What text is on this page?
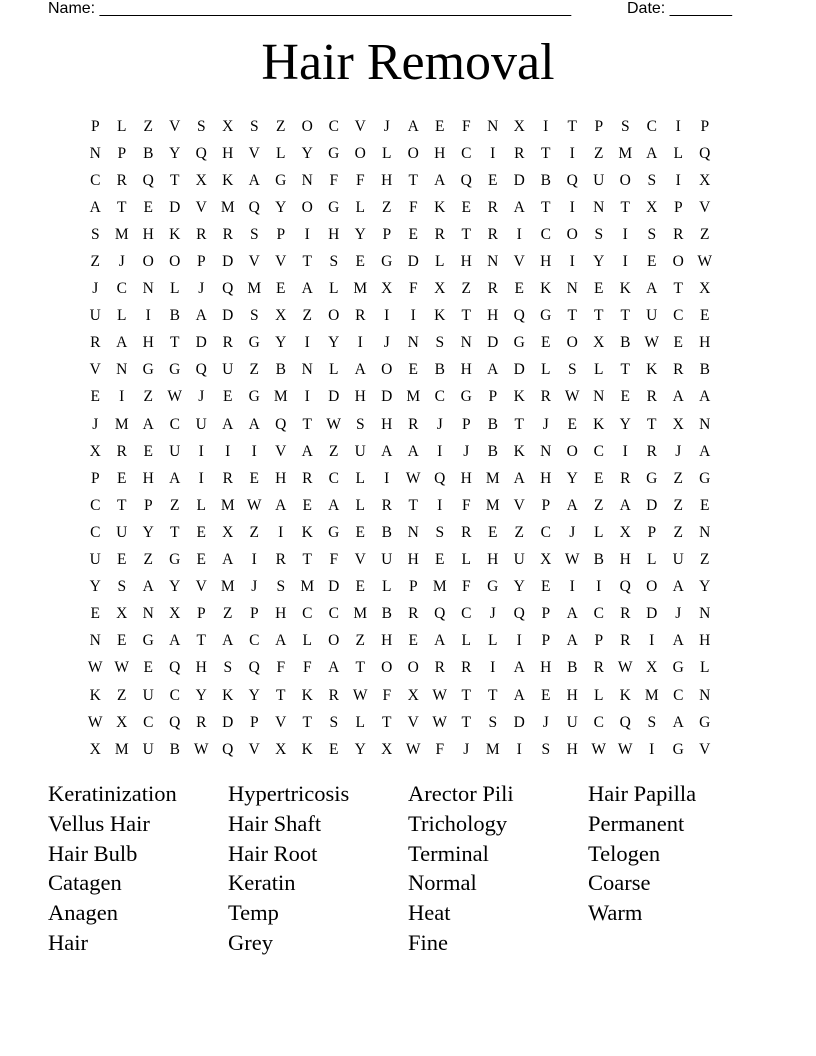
Name: _____________________________________________________	Date: _______
Hair Removal
P	L	Z	V	S	X	S	Z	O	C	V	J	A	E	F	N X	I	T	P	S	C	I	P
N	P	B	Y Q H V	L	Y G O	L	O H	C	I	R	T	I	Z M A	L	Q
C	R	Q	T	X K A G N	F	F	H	T	A Q	E	D	B	Q U O	S	I	X
A	T	E	D V M Q Y O G	L	Z	F	K	E	R	A	T	I	N	T	X	P	V
S M H K	R	R	S	P	I	H Y	P	E	R	T	R	I	C	O	S	I	S	R	Z
Z	J	O O	P	D V V	T	S	E	G D	L	H N V H	I	Y	I	E	O W
J	C	N	L	J	Q M E	A	L M X	F	X	Z	R	E	K N	E	K A	T	X
U	L	I	B	A D	S	X	Z	O	R	I	I	K	T	H Q G	T	T	T	U	C	E
R	A H	T	D	R	G Y	I	Y	I	J	N	S	N D G	E	O X	B W E	H
V N G G Q U	Z	B	N	L	A O	E	B	H A D	L	S	L	T	K	R	B
E	I	Z W	J	E	G M	I	D H D M C	G	P	K	R W N	E	R	A A
J	M A	C	U A A Q	T W S	H	R	J	P	B	T	J	E	K Y	T	X N
X	R	E	U	I	I	I	V A	Z	U A A	I	J	B	K N O	C	I	R	J	A
P	E	H A	I	R	E	H	R	C	L	I	W Q H M A H Y	E	R	G	Z	G
C	T	P	Z	L M W A	E	A	L	R	T	I	F M V	P	A	Z	A D	Z	E
C	U Y	T	E	X	Z	I	K G	E	B	N	S	R	E	Z	C	J	L	X	P	Z	N
U	E	Z	G	E	A	I	R	T	F	V U H	E	L	H U X W B	H	L	U	Z
Y	S	A Y V M	J	S M D	E	L	P M F	G Y	E	I	I	Q O A Y
E	X N X	P	Z	P	H	C	C M B	R	Q	C	J	Q	P	A	C	R	D	J	N
N	E	G A	T	A	C	A	L	O	Z	H	E	A	L	L	I	P	A	P	R	I	A H
W W E	Q H	S	Q	F	F	A	T	O O	R	R	I	A H	B	R W X G	L
K	Z	U	C	Y K Y	T	K	R W F	X W T	T	A	E	H	L	K M C	N
W X	C	Q	R	D	P	V	T	S	L	T	V W T	S	D	J	U	C	Q	S	A G
X M U	B W Q V X K	E	Y X W F	J	M	I	S	H W W	I	G V
Keratinization
Vellus Hair
Hair Bulb
Catagen
Anagen
Hair
Hypertricosis
Hair Shaft
Hair Root
Keratin
Temp
Grey
Arector Pili
Trichology
Terminal
Normal
Heat
Fine
Hair Papilla
Permanent
Telogen
Coarse
Warm
